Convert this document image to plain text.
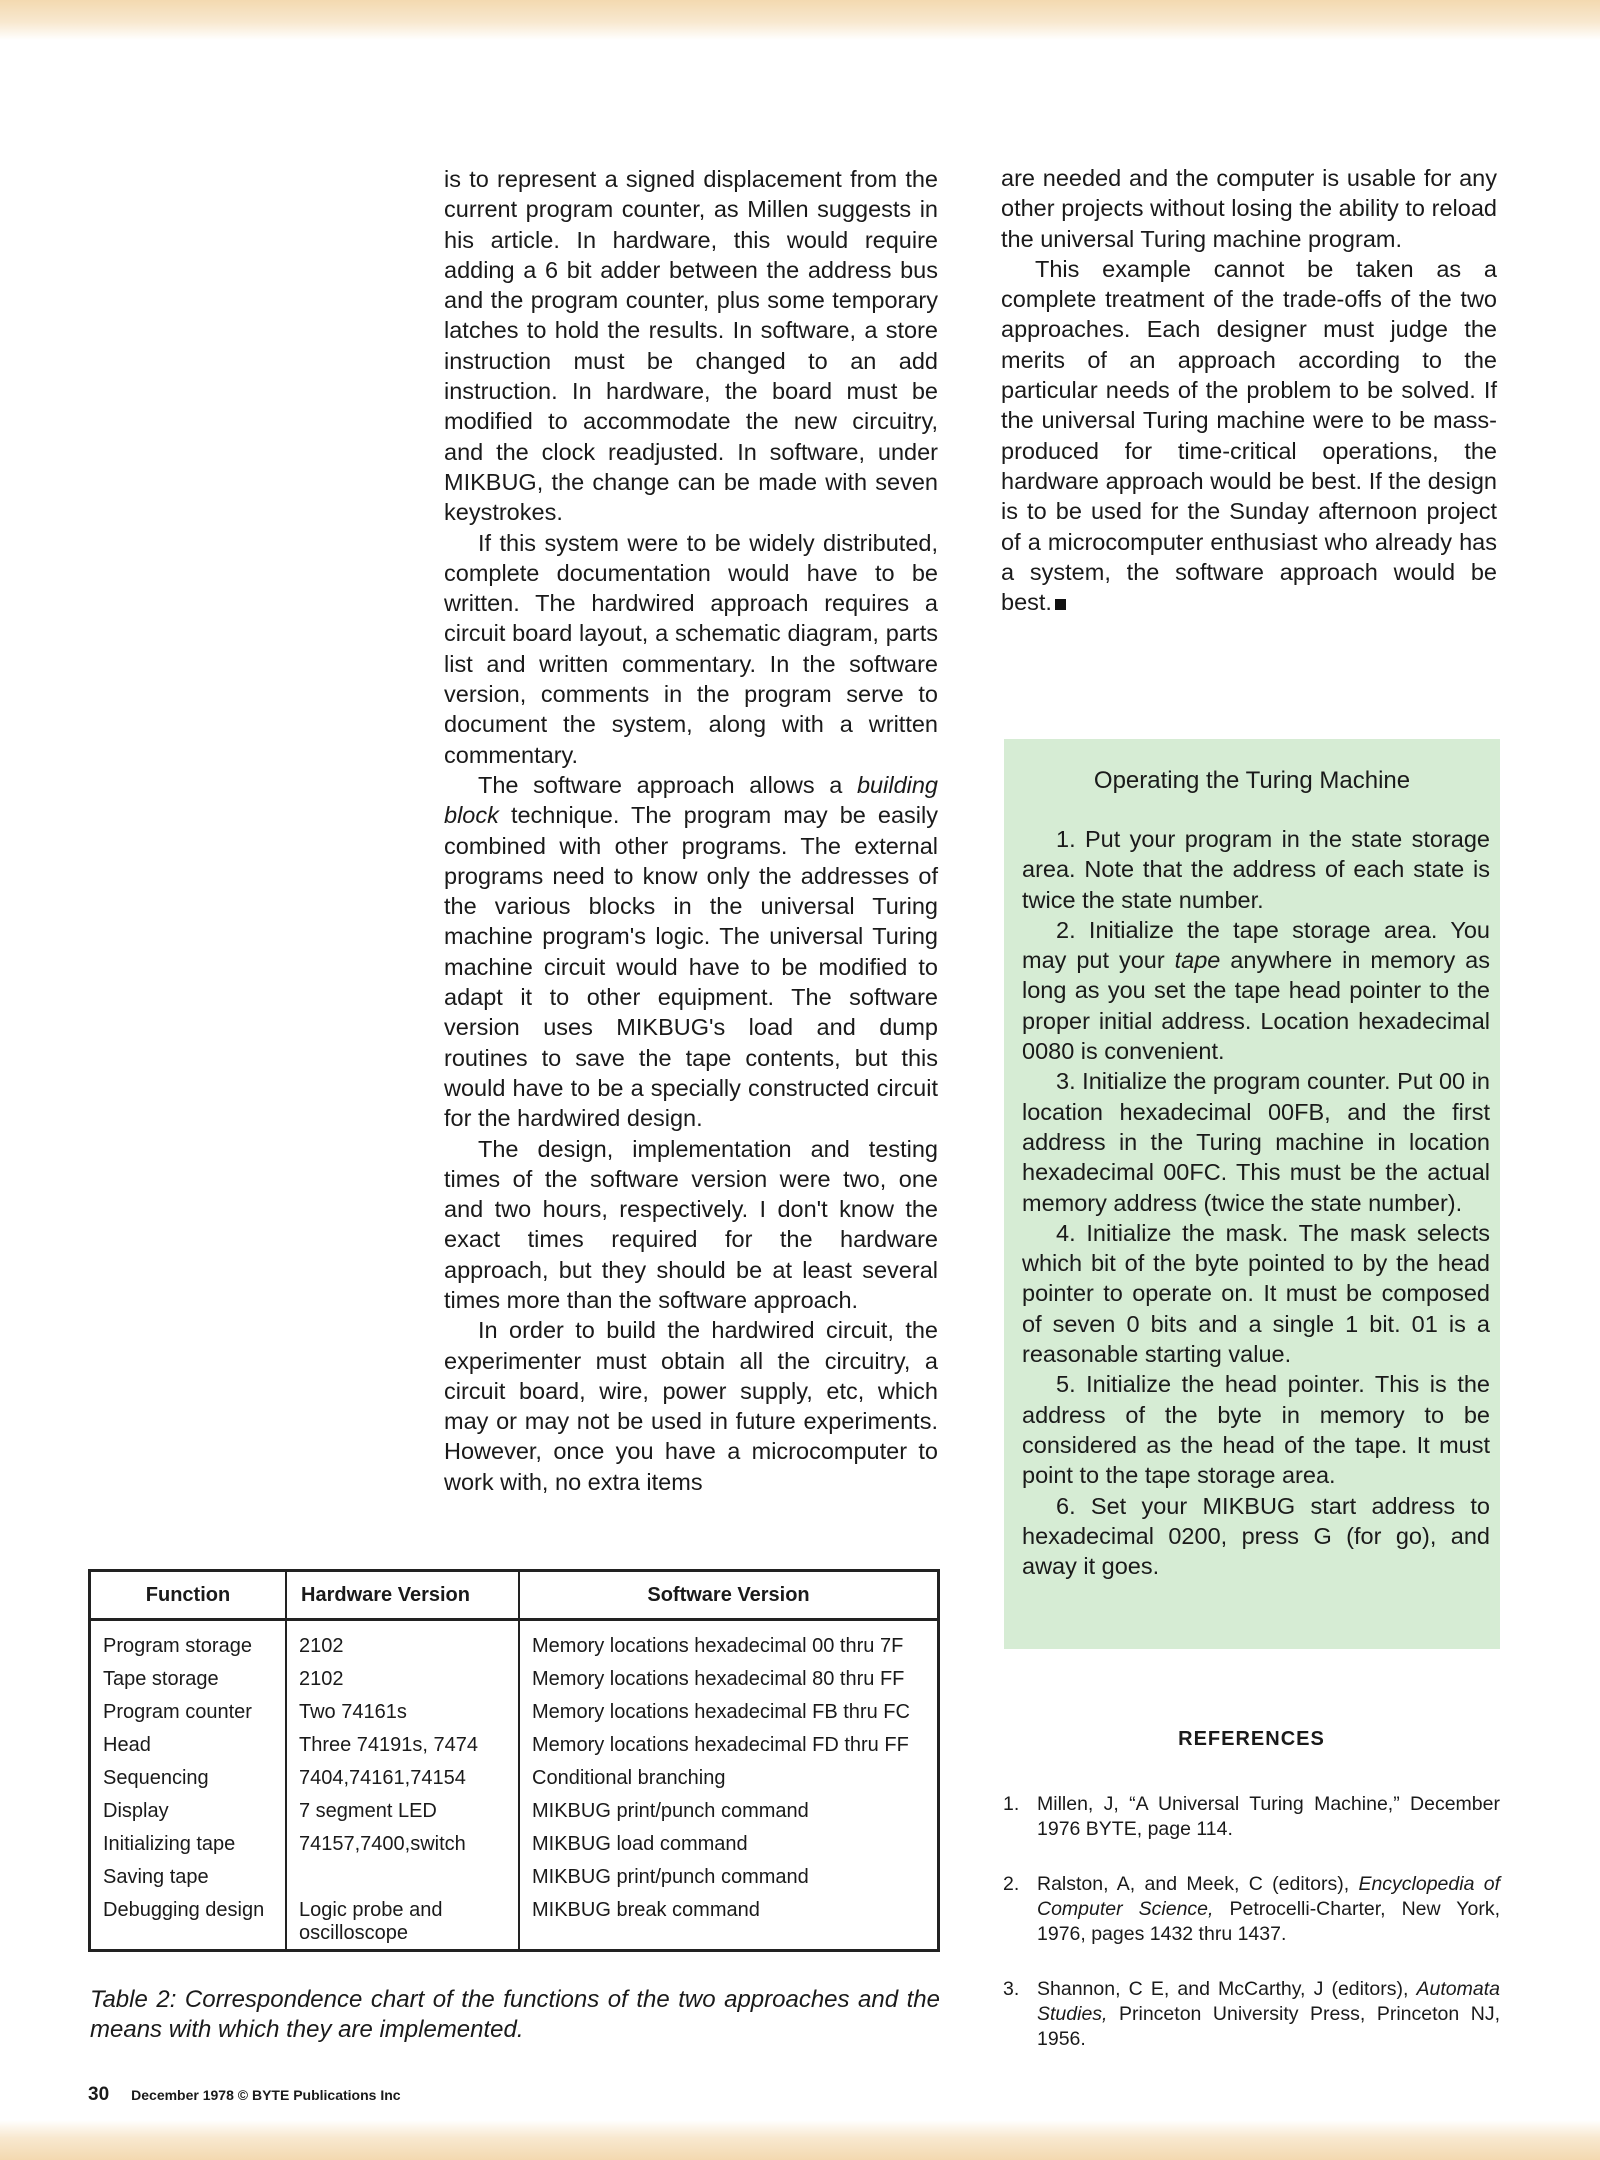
is to represent a signed displacement from the current program counter, as Millen suggests in his article. In hardware, this would require adding a 6 bit adder between the address bus and the program counter, plus some temporary latches to hold the results. In software, a store instruction must be changed to an add instruction. In hardware, the board must be modified to accommodate the new circuitry, and the clock readjusted. In software, under MIKBUG, the change can be made with seven keystrokes.

If this system were to be widely distributed, complete documentation would have to be written. The hardwired approach requires a circuit board layout, a schematic diagram, parts list and written commentary. In the software version, comments in the program serve to document the system, along with a written commentary.

The software approach allows a building block technique. The program may be easily combined with other programs. The external programs need to know only the addresses of the various blocks in the universal Turing machine program's logic. The universal Turing machine circuit would have to be modified to adapt it to other equipment. The software version uses MIKBUG's load and dump routines to save the tape contents, but this would have to be a specially constructed circuit for the hardwired design.

The design, implementation and testing times of the software version were two, one and two hours, respectively. I don't know the exact times required for the hardware approach, but they should be at least several times more than the software approach.

In order to build the hardwired circuit, the experimenter must obtain all the circuitry, a circuit board, wire, power supply, etc, which may or may not be used in future experiments. However, once you have a microcomputer to work with, no extra items

are needed and the computer is usable for any other projects without losing the ability to reload the universal Turing machine program.

This example cannot be taken as a complete treatment of the trade-offs of the two approaches. Each designer must judge the merits of an approach according to the particular needs of the problem to be solved. If the universal Turing machine were to be mass-produced for time-critical operations, the hardware approach would be best. If the design is to be used for the Sunday afternoon project of a microcomputer enthusiast who already has a system, the software approach would be best.

Operating the Turing Machine

1. Put your program in the state storage area. Note that the address of each state is twice the state number.

2. Initialize the tape storage area. You may put your tape anywhere in memory as long as you set the tape head pointer to the proper initial address. Location hexadecimal 0080 is convenient.

3. Initialize the program counter. Put 00 in location hexadecimal 00FB, and the first address in the Turing machine in location hexadecimal 00FC. This must be the actual memory address (twice the state number).

4. Initialize the mask. The mask selects which bit of the byte pointed to by the head pointer to operate on. It must be composed of seven 0 bits and a single 1 bit. 01 is a reasonable starting value.

5. Initialize the head pointer. This is the address of the byte in memory to be considered as the head of the tape. It must point to the tape storage area.

6. Set your MIKBUG start address to hexadecimal 0200, press G (for go), and away it goes.

Function	Hardware Version	Software Version
Program storage	2102	Memory locations hexadecimal 00 thru 7F
Tape storage	2102	Memory locations hexadecimal 80 thru FF
Program counter	Two 74161s	Memory locations hexadecimal FB thru FC
Head	Three 74191s, 7474	Memory locations hexadecimal FD thru FF
Sequencing	7404,74161,74154	Conditional branching
Display	7 segment LED	MIKBUG print/punch command
Initializing tape	74157,7400,switch	MIKBUG load command
Saving tape		MIKBUG print/punch command
Debugging design	Logic probe and oscilloscope	MIKBUG break command
Table 2: Correspondence chart of the functions of the two approaches and the means with which they are implemented.
REFERENCES
1. Millen, J, “A Universal Turing Machine,” December 1976 BYTE, page 114.
2. Ralston, A, and Meek, C (editors), Encyclopedia of Computer Science, Petrocelli-Charter, New York, 1976, pages 1432 thru 1437.
3. Shannon, C E, and McCarthy, J (editors), Automata Studies, Princeton University Press, Princeton NJ, 1956.
30 December 1978 © BYTE Publications Inc
